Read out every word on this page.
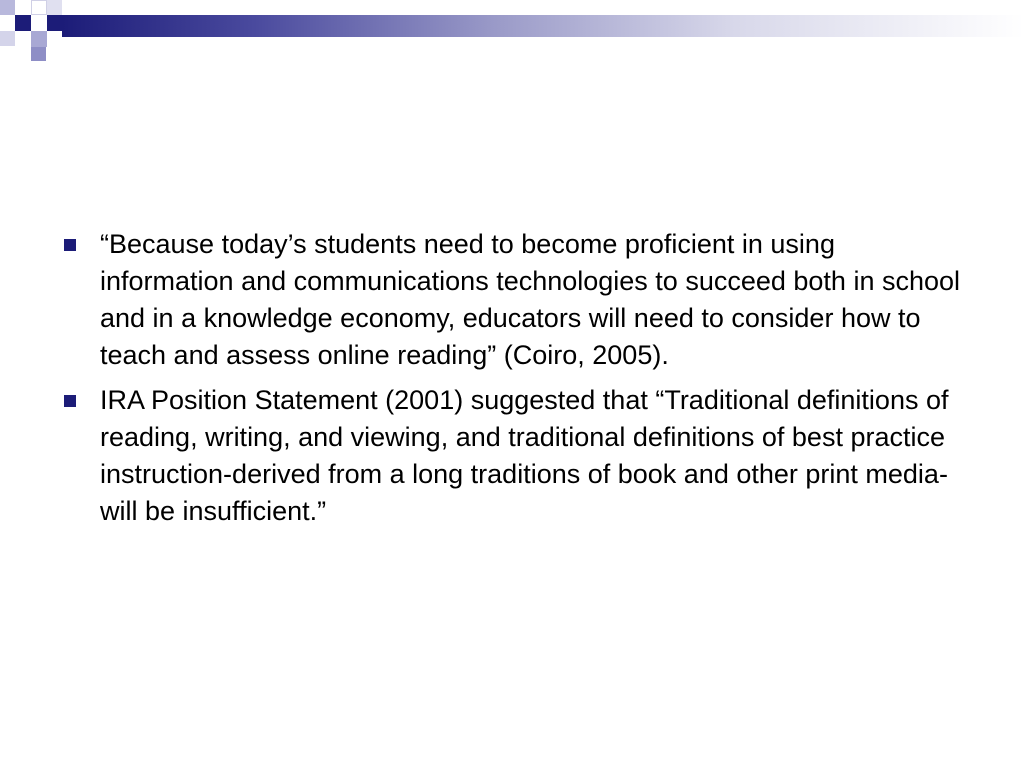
“Because today’s students need to become proficient in using information and communications technologies to succeed both in school and in a knowledge economy, educators will need to consider how to teach and assess online reading” (Coiro, 2005).
IRA Position Statement (2001) suggested that “Traditional definitions of reading, writing, and viewing, and traditional definitions of best practice instruction-derived from a long traditions of book and other print media-will be insufficient.”
